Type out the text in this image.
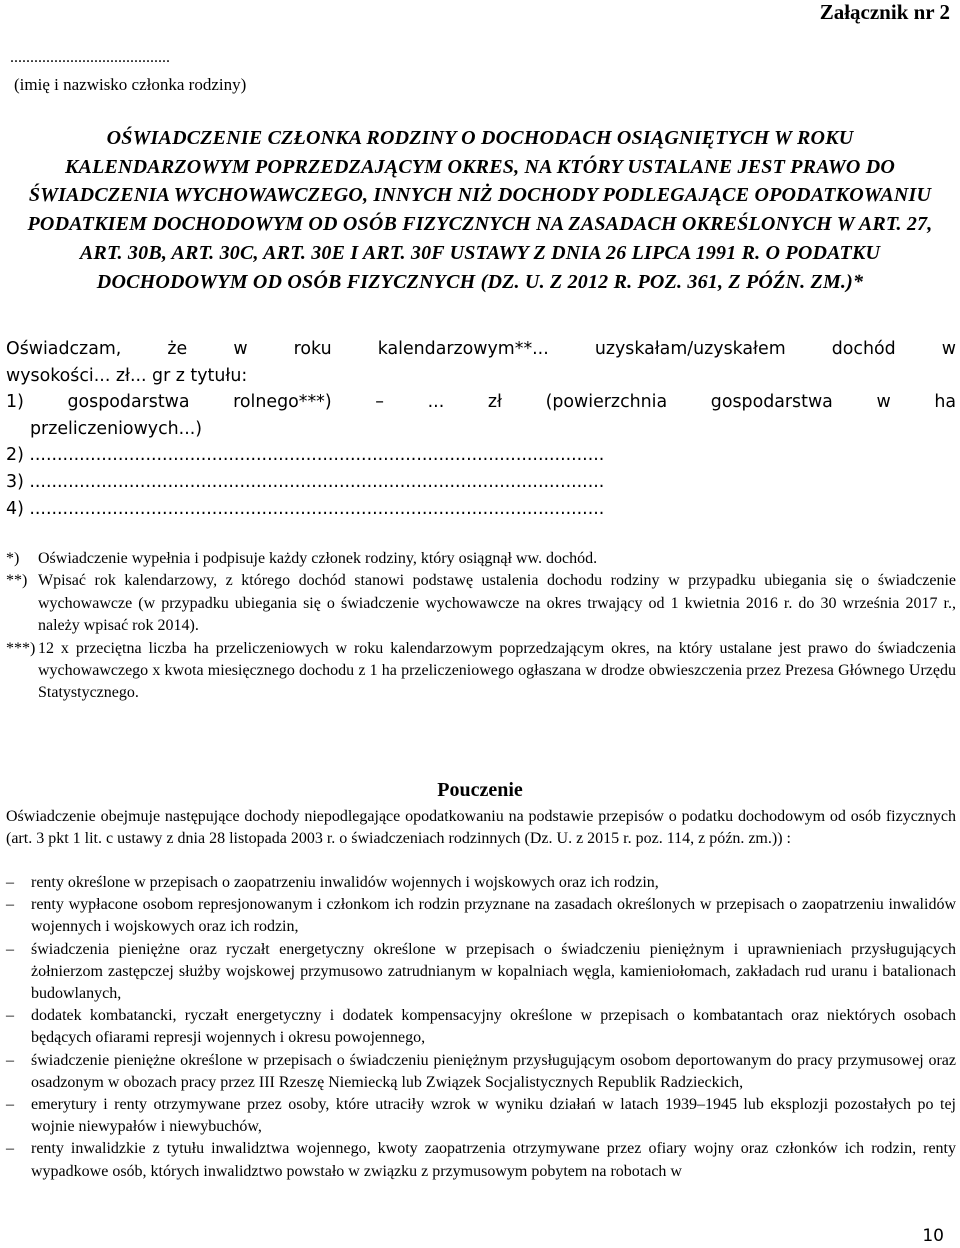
Załącznik nr 2
........................................
(imię i nazwisko członka rodziny)
OŚWIADCZENIE CZŁONKA RODZINY O DOCHODACH OSIĄGNIĘTYCH W ROKU KALENDARZOWYM POPRZEDZAJĄCYM OKRES, NA KTÓRY USTALANE JEST PRAWO DO ŚWIADCZENIA WYCHOWAWCZEGO, INNYCH NIŻ DOCHODY PODLEGAJĄCE OPODATKOWANIU PODATKIEM DOCHODOWYM OD OSÓB FIZYCZNYCH NA ZASADACH OKREŚLONYCH W ART. 27, ART. 30B, ART. 30C, ART. 30E I ART. 30F USTAWY Z DNIA 26 LIPCA 1991 R. O PODATKU DOCHODOWYM OD OSÓB FIZYCZNYCH (DZ. U. Z 2012 R. POZ. 361, Z PÓŹN. ZM.)*
Oświadczam, że w roku kalendarzowym**... uzyskałam/uzyskałem dochód w
wysokości... zł... gr z tytułu:
1) gospodarstwa rolnego***) – ... zł (powierzchnia gospodarstwa w ha
przeliczeniowych...)
2) ........................................................................................................
3) ........................................................................................................
4) ........................................................................................................
*) Oświadczenie wypełnia i podpisuje każdy członek rodziny, który osiągnął ww. dochód.
**) Wpisać rok kalendarzowy, z którego dochód stanowi podstawę ustalenia dochodu rodziny w przypadku ubiegania się o świadczenie wychowawcze (w przypadku ubiegania się o świadczenie wychowawcze na okres trwający od 1 kwietnia 2016 r. do 30 września 2017 r., należy wpisać rok 2014).
***) 12 x przeciętna liczba ha przeliczeniowych w roku kalendarzowym poprzedzającym okres, na który ustalane jest prawo do świadczenia wychowawczego x kwota miesięcznego dochodu z 1 ha przeliczeniowego ogłaszana w drodze obwieszczenia przez Prezesa Głównego Urzędu Statystycznego.
Pouczenie
Oświadczenie obejmuje następujące dochody niepodlegające opodatkowaniu na podstawie przepisów o podatku dochodowym od osób fizycznych (art. 3 pkt 1 lit. c ustawy z dnia 28 listopada 2003 r. o świadczeniach rodzinnych (Dz. U. z 2015 r. poz. 114, z późn. zm.)) :
– renty określone w przepisach o zaopatrzeniu inwalidów wojennych i wojskowych oraz ich rodzin,
– renty wypłacone osobom represjonowanym i członkom ich rodzin przyznane na zasadach określonych w przepisach o zaopatrzeniu inwalidów wojennych i wojskowych oraz ich rodzin,
– świadczenia pieniężne oraz ryczałt energetyczny określone w przepisach o świadczeniu pieniężnym i uprawnieniach przysługujących żołnierzom zastępczej służby wojskowej przymusowo zatrudnianym w kopalniach węgla, kamieniołomach, zakładach rud uranu i batalionach budowlanych,
– dodatek kombatancki, ryczałt energetyczny i dodatek kompensacyjny określone w przepisach o kombatantach oraz niektórych osobach będących ofiarami represji wojennych i okresu powojennego,
– świadczenie pieniężne określone w przepisach o świadczeniu pieniężnym przysługującym osobom deportowanym do pracy przymusowej oraz osadzonym w obozach pracy przez III Rzeszę Niemiecką lub Związek Socjalistycznych Republik Radzieckich,
– emerytury i renty otrzymywane przez osoby, które utraciły wzrok w wyniku działań w latach 1939–1945 lub eksplozji pozostałych po tej wojnie niewypałów i niewybuchów,
– renty inwalidzkie z tytułu inwalidztwa wojennego, kwoty zaopatrzenia otrzymywane przez ofiary wojny oraz członków ich rodzin, renty wypadkowe osób, których inwalidztwo powstało w związku z przymusowym pobytem na robotach w
10
